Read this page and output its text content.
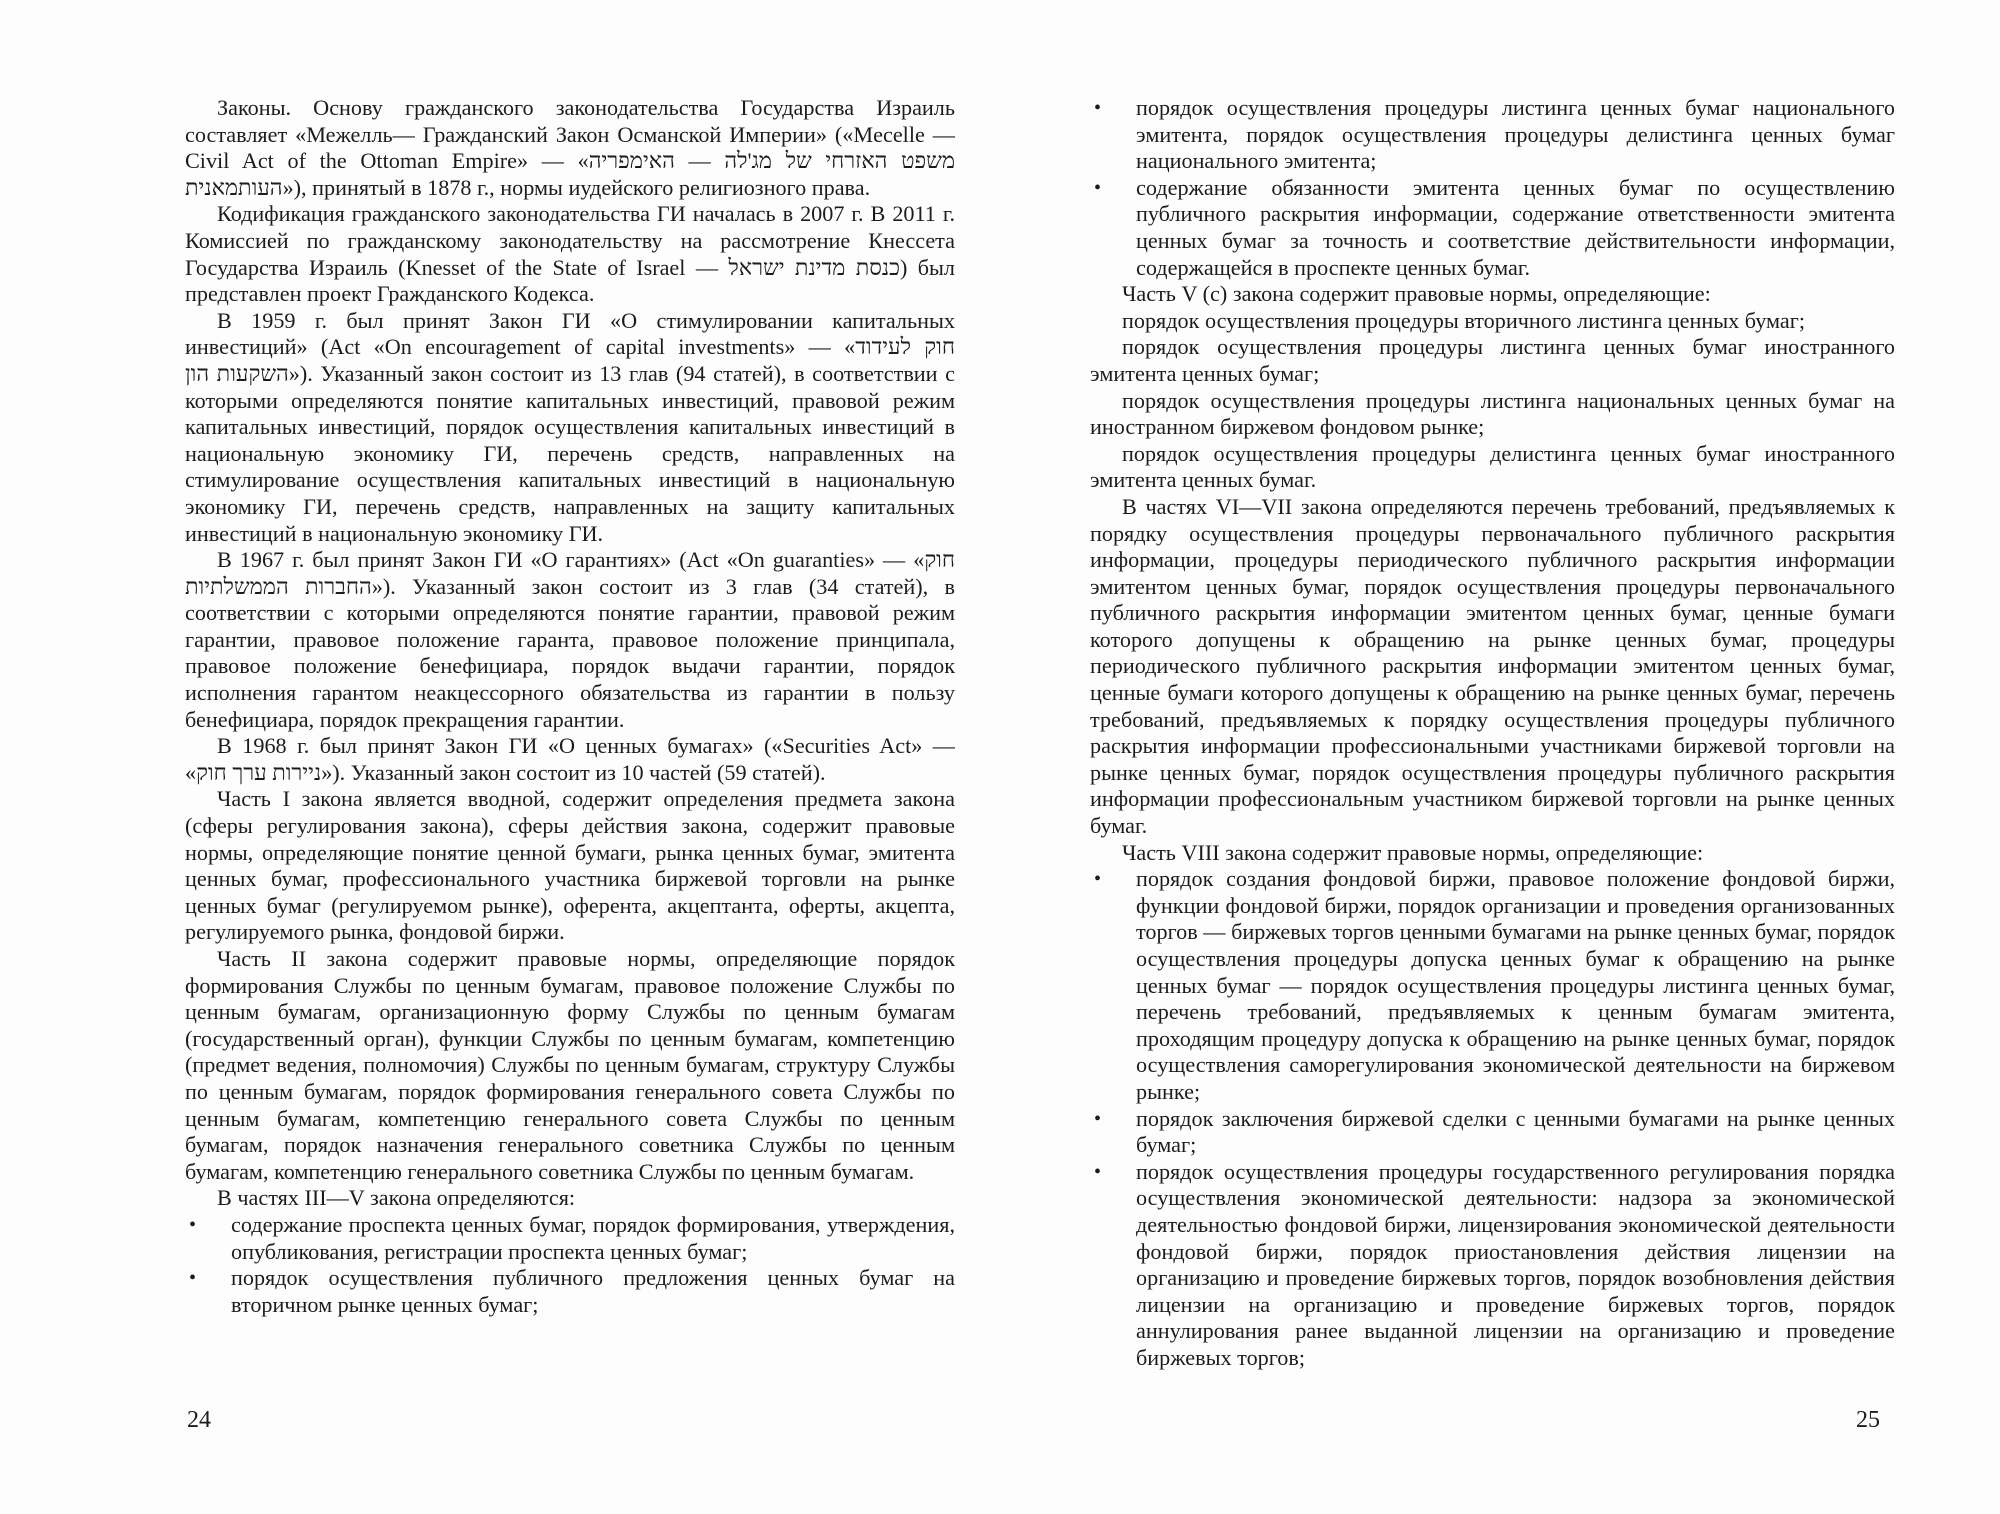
Законы. Основу гражданского законодательства Государства Израиль составляет «Межелль— Гражданский Закон Османской Империи» («Mecelle — Civil Act of the Ottoman Empire» — «משפט האזרחי של מג'לה — האימפריה העותמאנית»), принятый в 1878 г., нормы иудейского религиозного права.

Кодификация гражданского законодательства ГИ началась в 2007 г. В 2011 г. Комиссией по гражданскому законодательству на рассмотрение Кнессета Государства Израиль (Knesset of the State of Israel — כנסת מדינת ישראל) был представлен проект Гражданского Кодекса.

В 1959 г. был принят Закон ГИ «О стимулировании капитальных инвестиций» (Act «On encouragement of capital investments» — «חוק לעידוד השקעות הון»). Указанный закон состоит из 13 глав (94 статей), в соответствии с которыми определяются понятие капитальных инвестиций, правовой режим капитальных инвестиций, порядок осуществления капитальных инвестиций в национальную экономику ГИ, перечень средств, направленных на стимулирование осуществления капитальных инвестиций в национальную экономику ГИ, перечень средств, направленных на защиту капитальных инвестиций в национальную экономику ГИ.

В 1967 г. был принят Закон ГИ «О гарантиях» (Act «On guaranties» — «חוק החברות הממשלתיות»). Указанный закон состоит из 3 глав (34 статей), в соответствии с которыми определяются понятие гарантии, правовой режим гарантии, правовое положение гаранта, правовое положение принципала, правовое положение бенефициара, порядок выдачи гарантии, порядок исполнения гарантом неакцессорного обязательства из гарантии в пользу бенефициара, порядок прекращения гарантии.

В 1968 г. был принят Закон ГИ «О ценных бумагах» («Securities Act» — «ניירות ערך חוק»). Указанный закон состоит из 10 частей (59 статей).

Часть I закона является вводной, содержит определения предмета закона (сферы регулирования закона), сферы действия закона, содержит правовые нормы, определяющие понятие ценной бумаги, рынка ценных бумаг, эмитента ценных бумаг, профессионального участника биржевой торговли на рынке ценных бумаг (регулируемом рынке), оферента, акцептанта, оферты, акцепта, регулируемого рынка, фондовой биржи.

Часть II закона содержит правовые нормы, определяющие порядок формирования Службы по ценным бумагам, правовое положение Службы по ценным бумагам, организационную форму Службы по ценным бумагам (государственный орган), функции Службы по ценным бумагам, компетенцию (предмет ведения, полномочия) Службы по ценным бумагам, структуру Службы по ценным бумагам, порядок формирования генерального совета Службы по ценным бумагам, компетенцию генерального совета Службы по ценным бумагам, порядок назначения генерального советника Службы по ценным бумагам, компетенцию генерального советника Службы по ценным бумагам.

В частях III—V закона определяются:

• содержание проспекта ценных бумаг, порядок формирования, утверждения, опубликования, регистрации проспекта ценных бумаг;
• порядок осуществления публичного предложения ценных бумаг на вторичном рынке ценных бумаг;
24
• порядок осуществления процедуры листинга ценных бумаг национального эмитента, порядок осуществления процедуры делистинга ценных бумаг национального эмитента;
• содержание обязанности эмитента ценных бумаг по осуществлению публичного раскрытия информации, содержание ответственности эмитента ценных бумаг за точность и соответствие действительности информации, содержащейся в проспекте ценных бумаг.

Часть V (c) закона содержит правовые нормы, определяющие:

порядок осуществления процедуры вторичного листинга ценных бумаг;

порядок осуществления процедуры листинга ценных бумаг иностранного эмитента ценных бумаг;

порядок осуществления процедуры листинга национальных ценных бумаг на иностранном биржевом фондовом рынке;

порядок осуществления процедуры делистинга ценных бумаг иностранного эмитента ценных бумаг.

В частях VI—VII закона определяются перечень требований, предъявляемых к порядку осуществления процедуры первоначального публичного раскрытия информации, процедуры периодического публичного раскрытия информации эмитентом ценных бумаг, порядок осуществления процедуры первоначального публичного раскрытия информации эмитентом ценных бумаг, ценные бумаги которого допущены к обращению на рынке ценных бумаг, процедуры периодического публичного раскрытия информации эмитентом ценных бумаг, ценные бумаги которого допущены к обращению на рынке ценных бумаг, перечень требований, предъявляемых к порядку осуществления процедуры публичного раскрытия информации профессиональными участниками биржевой торговли на рынке ценных бумаг, порядок осуществления процедуры публичного раскрытия информации профессиональным участником биржевой торговли на рынке ценных бумаг.

Часть VIII закона содержит правовые нормы, определяющие:

• порядок создания фондовой биржи, правовое положение фондовой биржи, функции фондовой биржи, порядок организации и проведения организованных торгов — биржевых торгов ценными бумагами на рынке ценных бумаг, порядок осуществления процедуры допуска ценных бумаг к обращению на рынке ценных бумаг — порядок осуществления процедуры листинга ценных бумаг, перечень требований, предъявляемых к ценным бумагам эмитента, проходящим процедуру допуска к обращению на рынке ценных бумаг, порядок осуществления саморегулирования экономической деятельности на биржевом рынке;
• порядок заключения биржевой сделки с ценными бумагами на рынке ценных бумаг;
• порядок осуществления процедуры государственного регулирования порядка осуществления экономической деятельности: надзора за экономической деятельностью фондовой биржи, лицензирования экономической деятельности фондовой биржи, порядок приостановления действия лицензии на организацию и проведение биржевых торгов, порядок возобновления действия лицензии на организацию и проведение биржевых торгов, порядок аннулирования ранее выданной лицензии на организацию и проведение биржевых торгов;
25
